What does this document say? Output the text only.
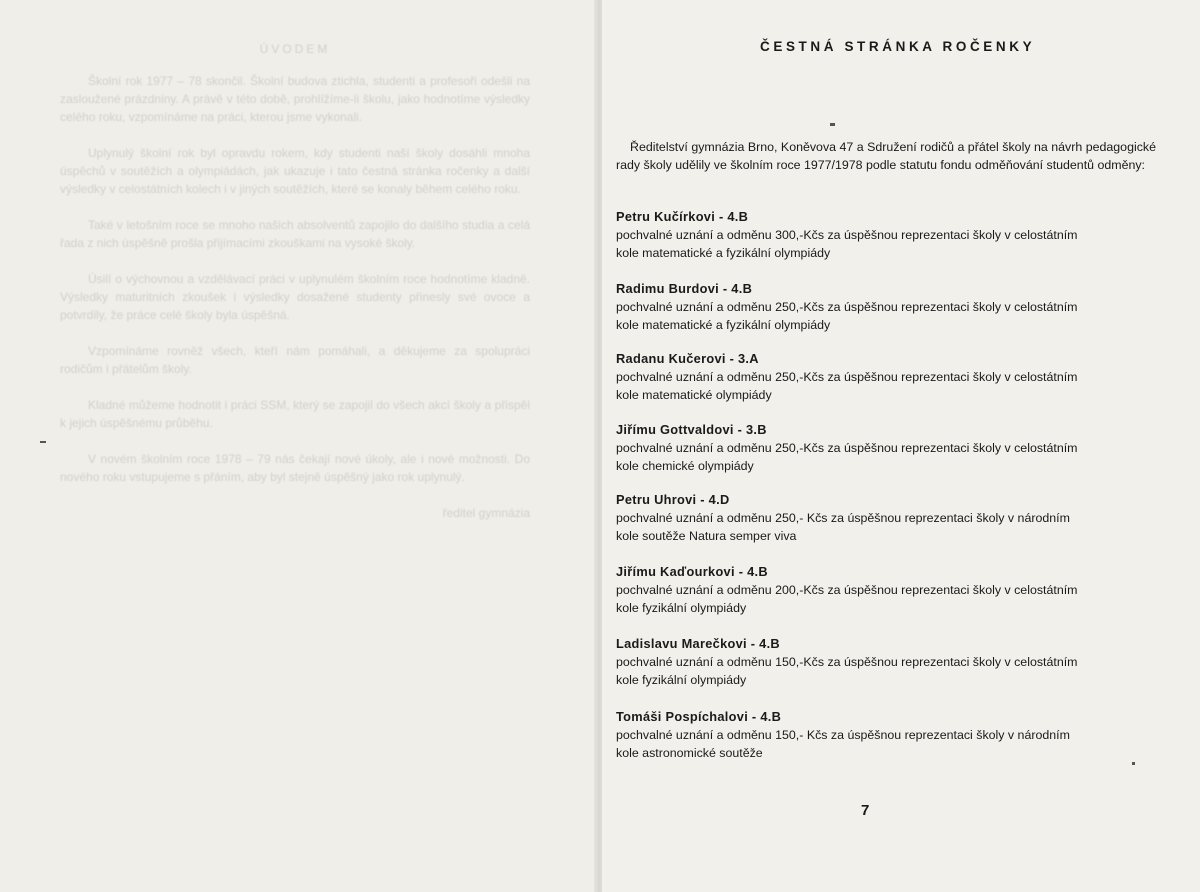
ÚVODEM

Školní rok 1977 – 78 skončil. Školní budova ztichla, studenti a profesoři odešli na zasloužené prázdniny. A právě v této době, prohlížíme-li školu, jako hodnotíme výsledky celého roku, vzpomínáme na práci, kterou jsme vykonali.

Uplynulý školní rok byl opravdu rokem, kdy studenti naší školy dosáhli mnoha úspěchů v soutěžích a olympiádách, jak ukazuje i tato čestná stránka ročenky a další výsledky v celostátních kolech i v jiných soutěžích, které se konaly během celého roku.

Také v letošním roce se mnoho našich absolventů zapojilo do dalšího studia a celá řada z nich úspěšně prošla přijímacími zkouškami na vysoké školy.

Úsilí o výchovnou a vzdělávací práci v uplynulém školním roce hodnotíme kladně. Výsledky maturitních zkoušek i výsledky dosažené studenty přinesly své ovoce a potvrdily, že práce celé školy byla úspěšná.

Vzpomínáme rovněž všech, kteří nám pomáhali, a děkujeme za spolupráci rodičům i přátelům školy.

Kladné můžeme hodnotit i práci SSM, který se zapojil do všech akcí školy a přispěl k jejich úspěšnému průběhu.

V novém školním roce 1978 – 79 nás čekají nové úkoly, ale i nové možnosti. Do nového roku vstupujeme s přáním, aby byl stejně úspěšný jako rok uplynulý.

ředitel gymnázia
ČESTNÁ STRÁNKA ROČENKY

Ředitelství gymnázia Brno, Koněvova 47 a Sdružení rodičů a přátel školy na návrh pedagogické rady školy udělily ve školním roce 1977/1978 podle statutu fondu odměňování studentů odměny:

Petru Kučírkovi - 4.B

pochvalné uznání a odměnu 300,-Kčs za úspěšnou reprezentaci školy v celostátním
kole matematické a fyzikální olympiády

Radimu Burdovi - 4.B

pochvalné uznání a odměnu 250,-Kčs za úspěšnou reprezentaci školy v celostátním
kole matematické a fyzikální olympiády

Radanu Kučerovi - 3.A

pochvalné uznání a odměnu 250,-Kčs za úspěšnou reprezentaci školy v celostátním
kole matematické olympiády

Jiřímu Gottvaldovi - 3.B

pochvalné uznání a odměnu 250,-Kčs za úspěšnou reprezentaci školy v celostátním
kole chemické olympiády

Petru Uhrovi - 4.D

pochvalné uznání a odměnu 250,- Kčs za úspěšnou reprezentaci školy v národním
kole soutěže Natura semper viva

Jiřímu Kaďourkovi - 4.B

pochvalné uznání a odměnu 200,-Kčs za úspěšnou reprezentaci školy v celostátním
kole fyzikální olympiády

Ladislavu Marečkovi - 4.B

pochvalné uznání a odměnu 150,-Kčs za úspěšnou reprezentaci školy v celostátním
kole fyzikální olympiády

Tomáši Pospíchalovi - 4.B

pochvalné uznání a odměnu 150,- Kčs za úspěšnou reprezentaci školy v národním
kole astronomické soutěže

7
